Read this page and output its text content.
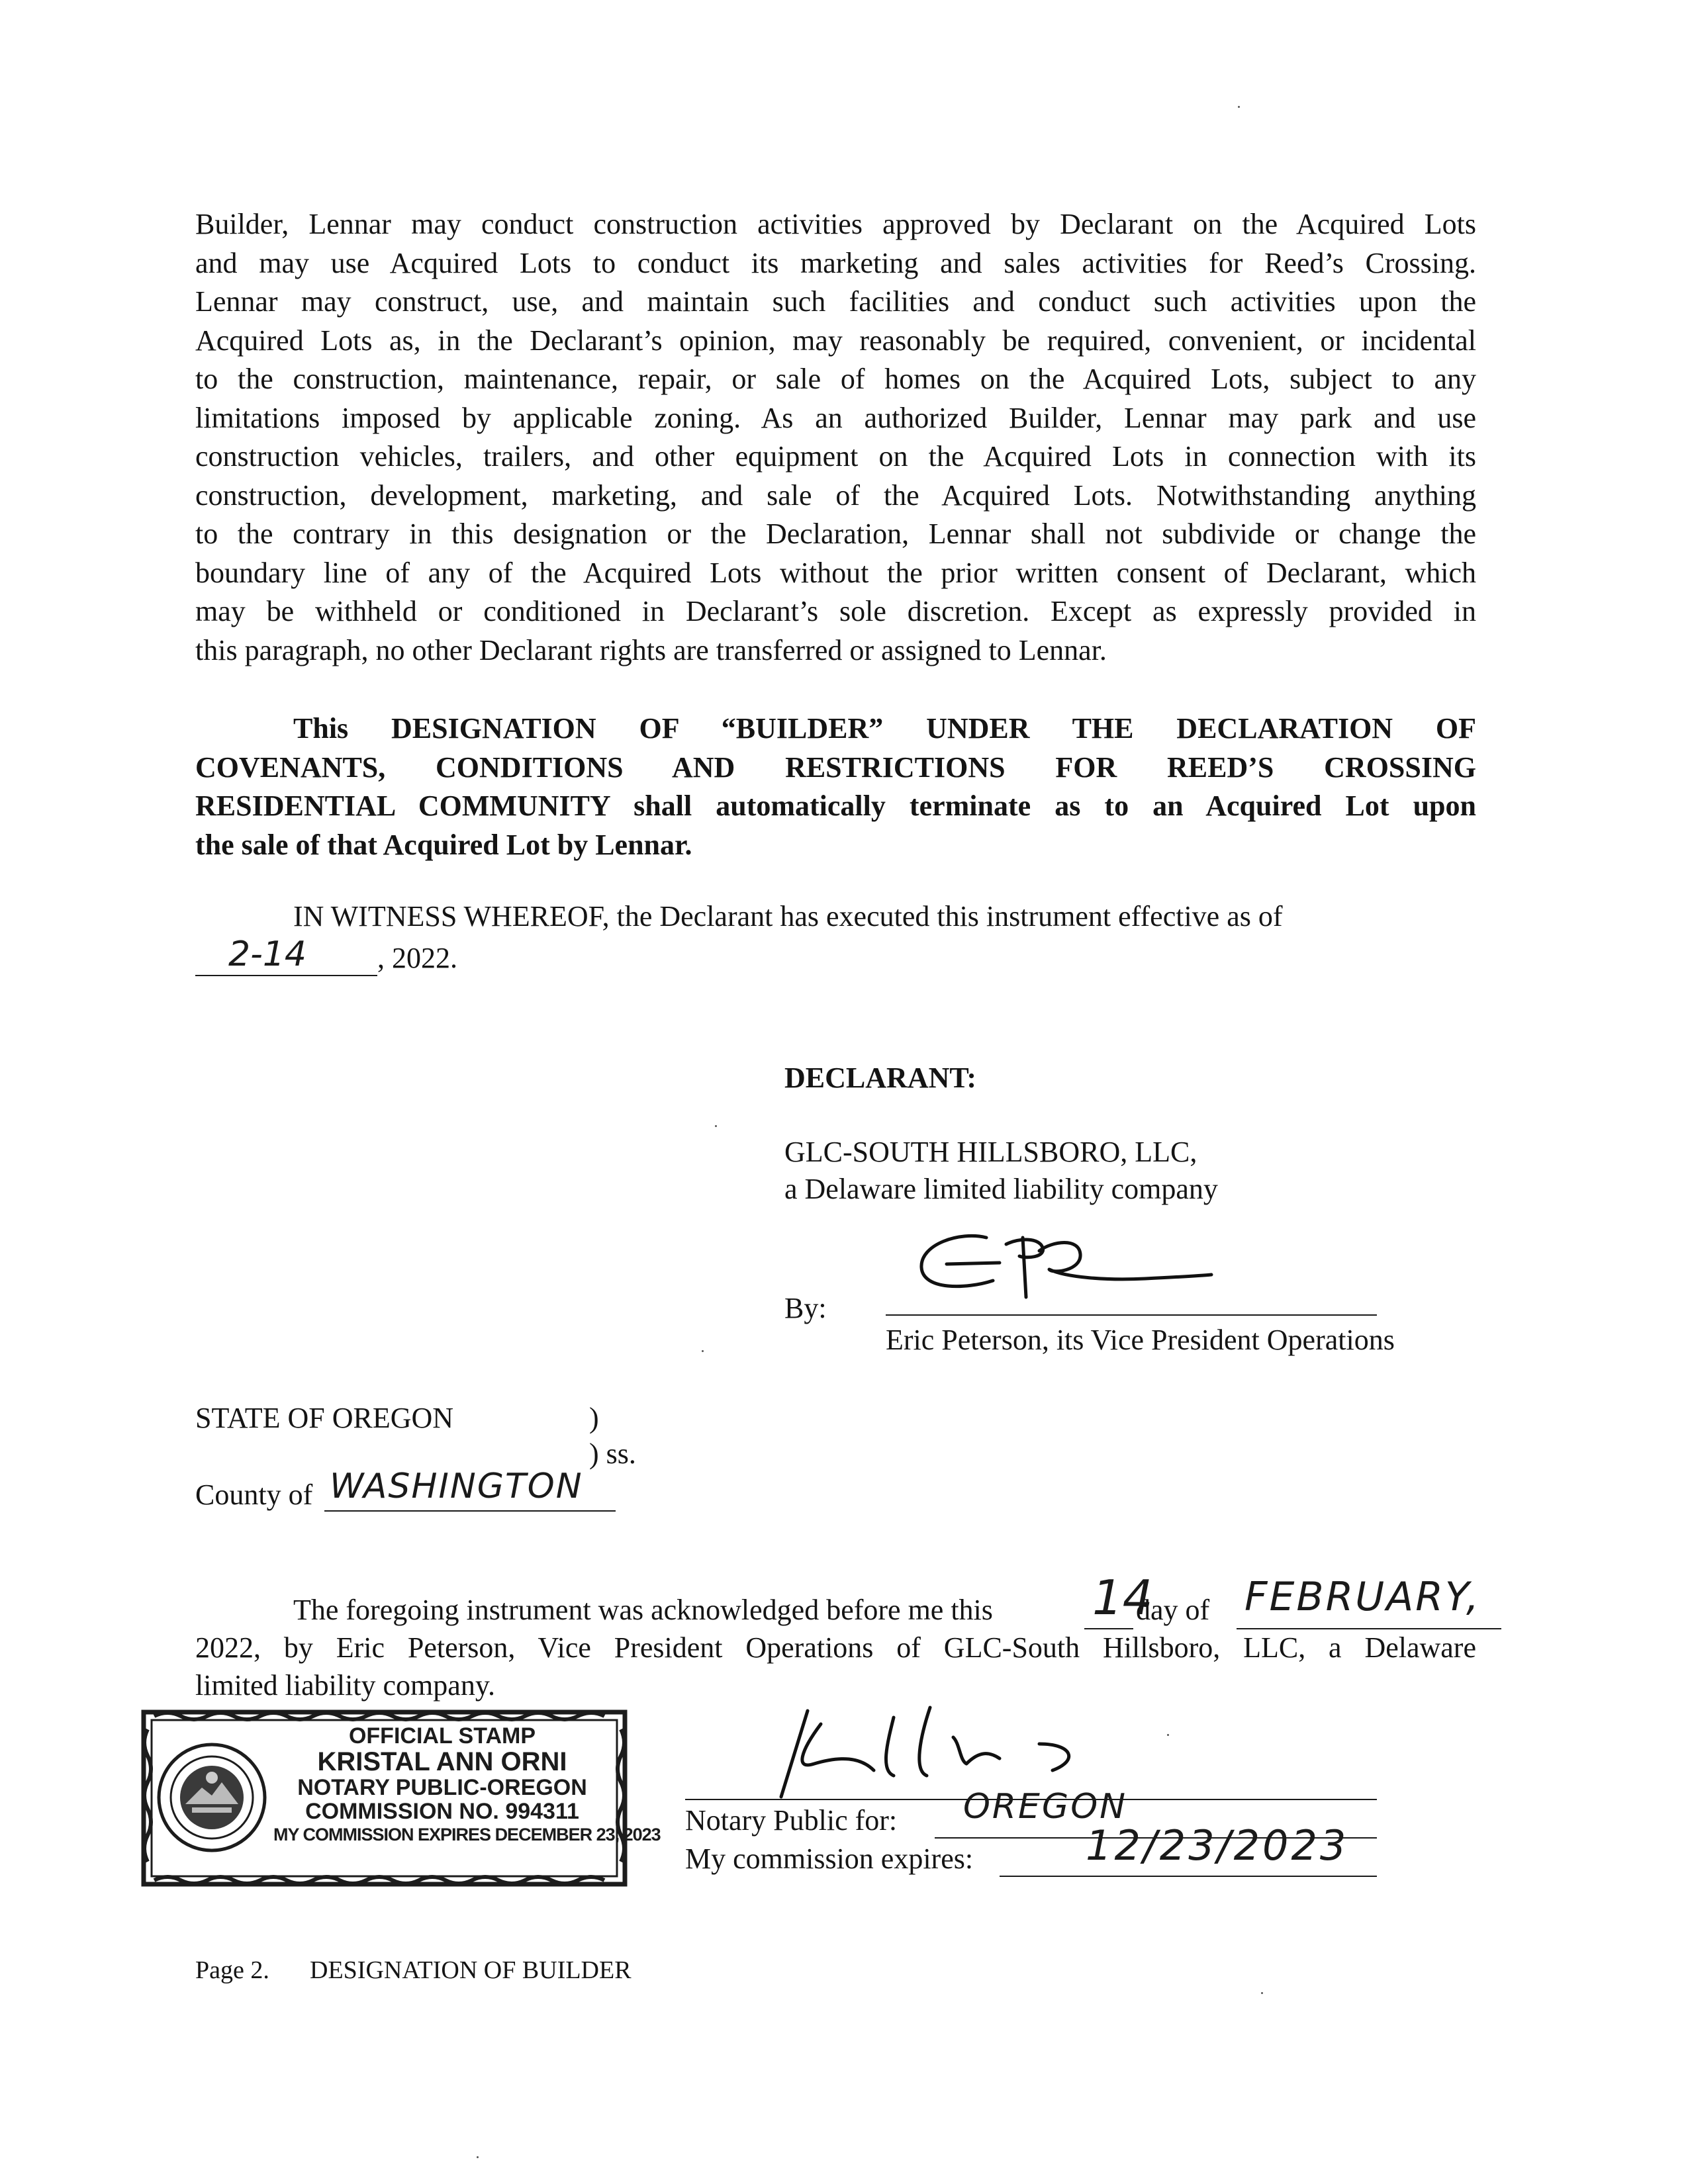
Builder, Lennar may conduct construction activities approved by Declarant on the Acquired Lots
and may use Acquired Lots to conduct its marketing and sales activities for Reed’s Crossing.
Lennar may construct, use, and maintain such facilities and conduct such activities upon the
Acquired Lots as, in the Declarant’s opinion, may reasonably be required, convenient, or incidental
to the construction, maintenance, repair, or sale of homes on the Acquired Lots, subject to any
limitations imposed by applicable zoning. As an authorized Builder, Lennar may park and use
construction vehicles, trailers, and other equipment on the Acquired Lots in connection with its
construction, development, marketing, and sale of the Acquired Lots. Notwithstanding anything
to the contrary in this designation or the Declaration, Lennar shall not subdivide or change the
boundary line of any of the Acquired Lots without the prior written consent of Declarant, which
may be withheld or conditioned in Declarant’s sole discretion. Except as expressly provided in
this paragraph, no other Declarant rights are transferred or assigned to Lennar.
This DESIGNATION OF “BUILDER” UNDER THE DECLARATION OF
COVENANTS, CONDITIONS AND RESTRICTIONS FOR REED’S CROSSING
RESIDENTIAL COMMUNITY shall automatically terminate as to an Acquired Lot upon
the sale of that Acquired Lot by Lennar.
IN WITNESS WHEREOF, the Declarant has executed this instrument effective as of
2-14 , 2022.
DECLARANT:
GLC-SOUTH HILLSBORO, LLC,
a Delaware limited liability company
By:
Eric Peterson, its Vice President Operations
STATE OF OREGON	)
) ss.
County of WASHINGTON
The foregoing instrument was acknowledged before me this 14
day of FEBRUARY,
2022, by Eric Peterson, Vice President Operations of GLC-South Hillsboro, LLC, a Delaware
limited liability company.
OFFICIAL STAMP
KRISTAL ANN ORNI
NOTARY PUBLIC-OREGON
COMMISSION NO. 994311
MY COMMISSION EXPIRES DECEMBER 23, 2023 Notary Public for: OREGON
My commission expires:	12/23/2023
Page 2. DESIGNATION OF BUILDER
